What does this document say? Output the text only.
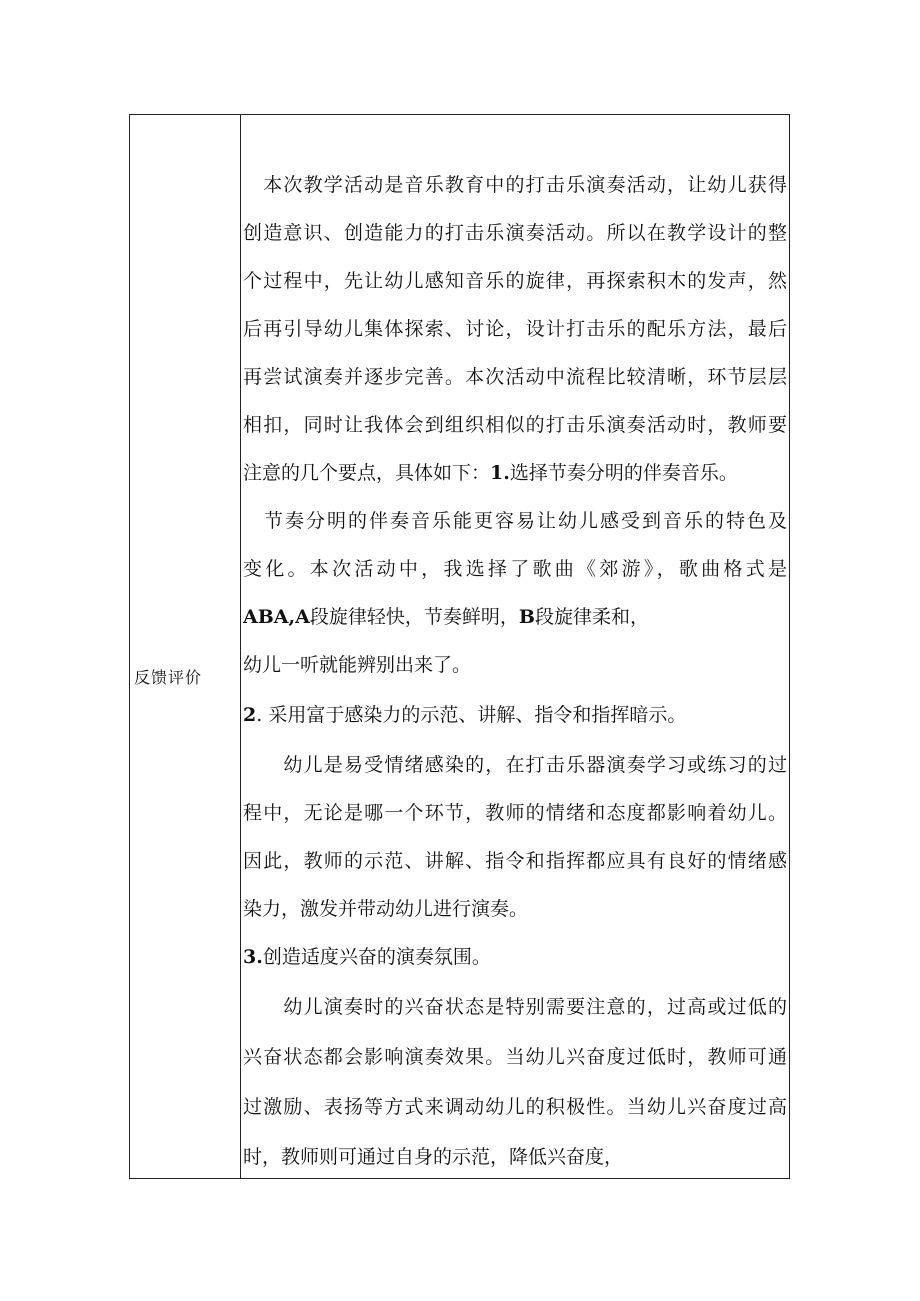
反馈评价
　本次教学活动是音乐教育中的打击乐演奏活动，让幼儿获得
创造意识、创造能力的打击乐演奏活动。所以在教学设计的整
个过程中，先让幼儿感知音乐的旋律，再探索积木的发声，然
后再引导幼儿集体探索、讨论，设计打击乐的配乐方法，最后
再尝试演奏并逐步完善。本次活动中流程比较清晰，环节层层
相扣，同时让我体会到组织相似的打击乐演奏活动时，教师要
注意的几个要点，具体如下：1.选择节奏分明的伴奏音乐。
　节奏分明的伴奏音乐能更容易让幼儿感受到音乐的特色及
变化。本次活动中，我选择了歌曲《郊游》，歌曲格式是
ABA,A段旋律轻快，节奏鲜明，B段旋律柔和，
幼儿一听就能辨别出来了。
2. 采用富于感染力的示范、讲解、指令和指挥暗示。
　　幼儿是易受情绪感染的，在打击乐器演奏学习或练习的过
程中，无论是哪一个环节，教师的情绪和态度都影响着幼儿。
因此，教师的示范、讲解、指令和指挥都应具有良好的情绪感
染力，激发并带动幼儿进行演奏。
3.创造适度兴奋的演奏氛围。
　　幼儿演奏时的兴奋状态是特别需要注意的，过高或过低的
兴奋状态都会影响演奏效果。当幼儿兴奋度过低时，教师可通
过激励、表扬等方式来调动幼儿的积极性。当幼儿兴奋度过高
时，教师则可通过自身的示范，降低兴奋度，
